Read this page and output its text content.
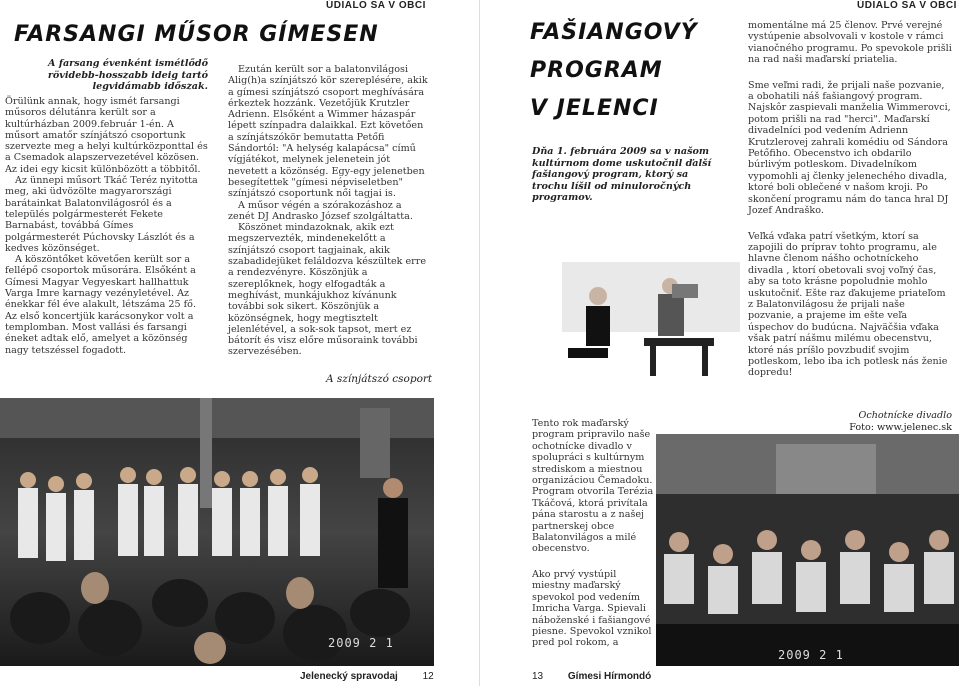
ÚDIALO SA V OBCI
FARSANGI MŰSOR GÍMESEN
A farsang évenként ismétlődő rövidebb-hosszabb ideig tartó legvidámabb időszak.

Örülünk annak, hogy ismét farsangi műsoros délutánra került sor a kultúrházban 2009.február 1-én. A műsort amatőr színjátszó csoportunk szervezte meg a helyi kultúrközponttal és a Csemadok alapszervezetével közösen. Az idei egy kicsit különbözött a többitől.

Az ünnepi műsort Tkáč Teréz nyitotta meg, aki üdvözölte magyarországi barátainkat Balatonvilágosról és a település polgármesterét Fekete Barnabást, továbbá Gímes polgármesterét Púchovsky Lászlót és a kedves közönséget.

A köszöntőket követően került sor a fellépő csoportok műsorára. Elsőként a Gímesi Magyar Vegyeskart hallhattuk Varga Imre karnagy vezényletével. Az énekkar fél éve alakult, létszáma 25 fő. Az első koncertjük karácsonykor volt a templomban. Most vallási és farsangi éneket adtak elő, amelyet a közönség nagy tetszéssel fogadott.

Ezután került sor a balatonvilágosi Alig(h)a színjátszó kör szereplésére, akik a gímesi színjátszó csoport meghívására érkeztek hozzánk. Vezetőjük Krutzler Adrienn. Elsőként a Wimmer házaspár lépett színpadra dalaikkal. Ezt követően a színjátszókör bemutatta Petőfi Sándortól: "A helység kalapácsa" című vígjátékot, melynek jelenetein jót nevetett a közönség. Egy-egy jelenetben besegítettek "gímesi népviseletben" színjátszó csoportunk női tagjai is.

A műsor végén a szórakozáshoz a zenét DJ Andrasko József szolgáltatta.

Köszönet mindazoknak, akik ezt megszervezték, mindenekelőtt a színjátszó csoport tagjainak, akik szabadidejüket feláldozva készültek erre a rendezvényre. Köszönjük a szereplőknek, hogy elfogadták a meghívást, munkájukhoz kívánunk további sok sikert. Köszönjük a közönségnek, hogy megtisztelt jelenlétével, a sok-sok tapsot, mert ez bátorít és visz előre műsoraink további szervezésében.

A színjátszó csoport
2009 2 1
Jelenecký spravodaj 12
ÚDIALO SA V OBCI
FAŠIANGOVÝ
PROGRAM
V JELENCI
Dňa 1. februára 2009 sa v našom kultúrnom dome uskutočnil ďalší fašiangový program, ktorý sa trochu líšil od minuloročných programov.

momentálne má 25 členov. Prvé verejné vystúpenie absolvovali v kostole v rámci vianočného programu. Po spevokole prišli na rad naši maďarskí priatelia.

Sme veľmi radi, že prijali naše pozvanie, a obohatili náš fašiangový program. Najskôr zaspievali manželia Wimmerovci, potom prišli na rad "herci". Maďarskí divadelníci pod vedením Adrienn Krutzlerovej zahrali komédiu od Sándora Petőfiho. Obecenstvo ich obdarilo búrlivým potleskom. Divadelníkom vypomohli aj členky jelenechého divadla, ktoré boli oblečené v našom kroji. Po skončení programu nám do tanca hral DJ Jozef Andraško.

Veľká vďaka patrí všetkým, ktorí sa zapojili do príprav tohto programu, ale hlavne členom nášho ochotníckeho divadla , ktorí obetovali svoj voľný čas, aby sa toto krásne popoludnie mohlo uskutočniť. Ešte raz ďakujeme priateľom z Balatonvilágosu že prijali naše pozvanie, a prajeme im ešte veľa úspechov do budúcna. Najväčšia vďaka však patrí nášmu milému obecenstvu, ktoré nás príšlo povzbudiť svojim potleskom, lebo iba ich potlesk nás ženie dopredu!

Ochotnícke divadlo
Foto: www.jelenec.sk

Tento rok maďarský program pripravilo naše ochotnícke divadlo v spolupráci s kultúrnym strediskom a miestnou organizáciou Čemadoku. Program otvorila Terézia Tkáčová, ktorá privítala pána starostu a z našej partnerskej obce Balatonvilágos a milé obecenstvo.

Ako prvý vystúpil miestny maďarský spevokol pod vedením Imricha Varga. Spievali náboženské i fašiangové piesne. Spevokol vznikol pred pol rokom, a

2009 2 1
13 Gímesi Hírmondó
